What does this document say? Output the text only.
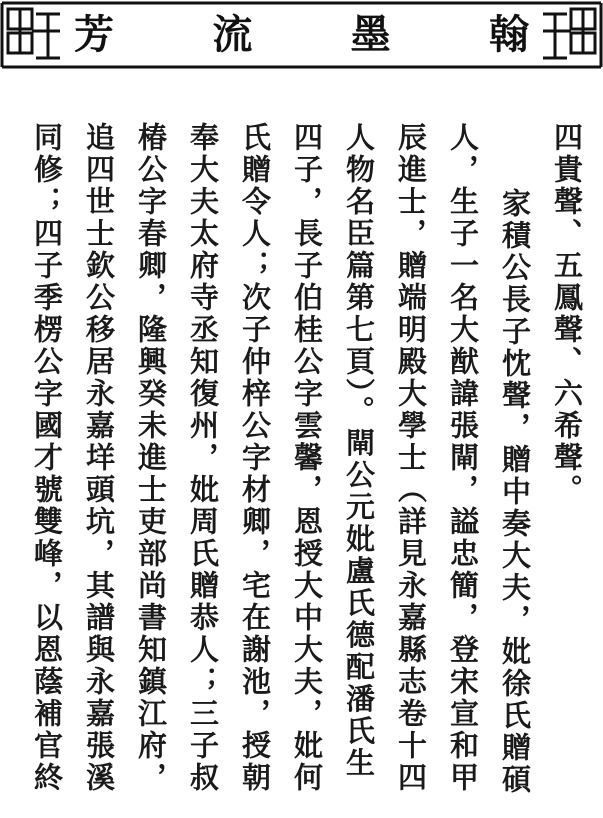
芳 流 墨 翰
四貴聲、五鳳聲、六希聲。
家積公長子忱聲，贈中奏大夫，妣徐氏贈碩
人，生子一名大猷諱張閘，謚忠簡，登宋宣和甲
辰進士，贈端明殿大學士（詳見永嘉縣志卷十四
人物名臣篇第七頁）。閘公元妣盧氏德配潘氏生
四子，長子伯桂公字雲馨，恩授大中大夫，妣何
氏贈令人；次子仲梓公字材卿，宅在謝池，授朝
奉大夫太府寺丞知復州，妣周氏贈恭人；三子叔
椿公字春卿，隆興癸未進士吏部尚書知鎮江府，
追四世士欽公移居永嘉垟頭坑，其譜與永嘉張溪
同修；四子季楞公字國才號雙峰，以恩蔭補官終
